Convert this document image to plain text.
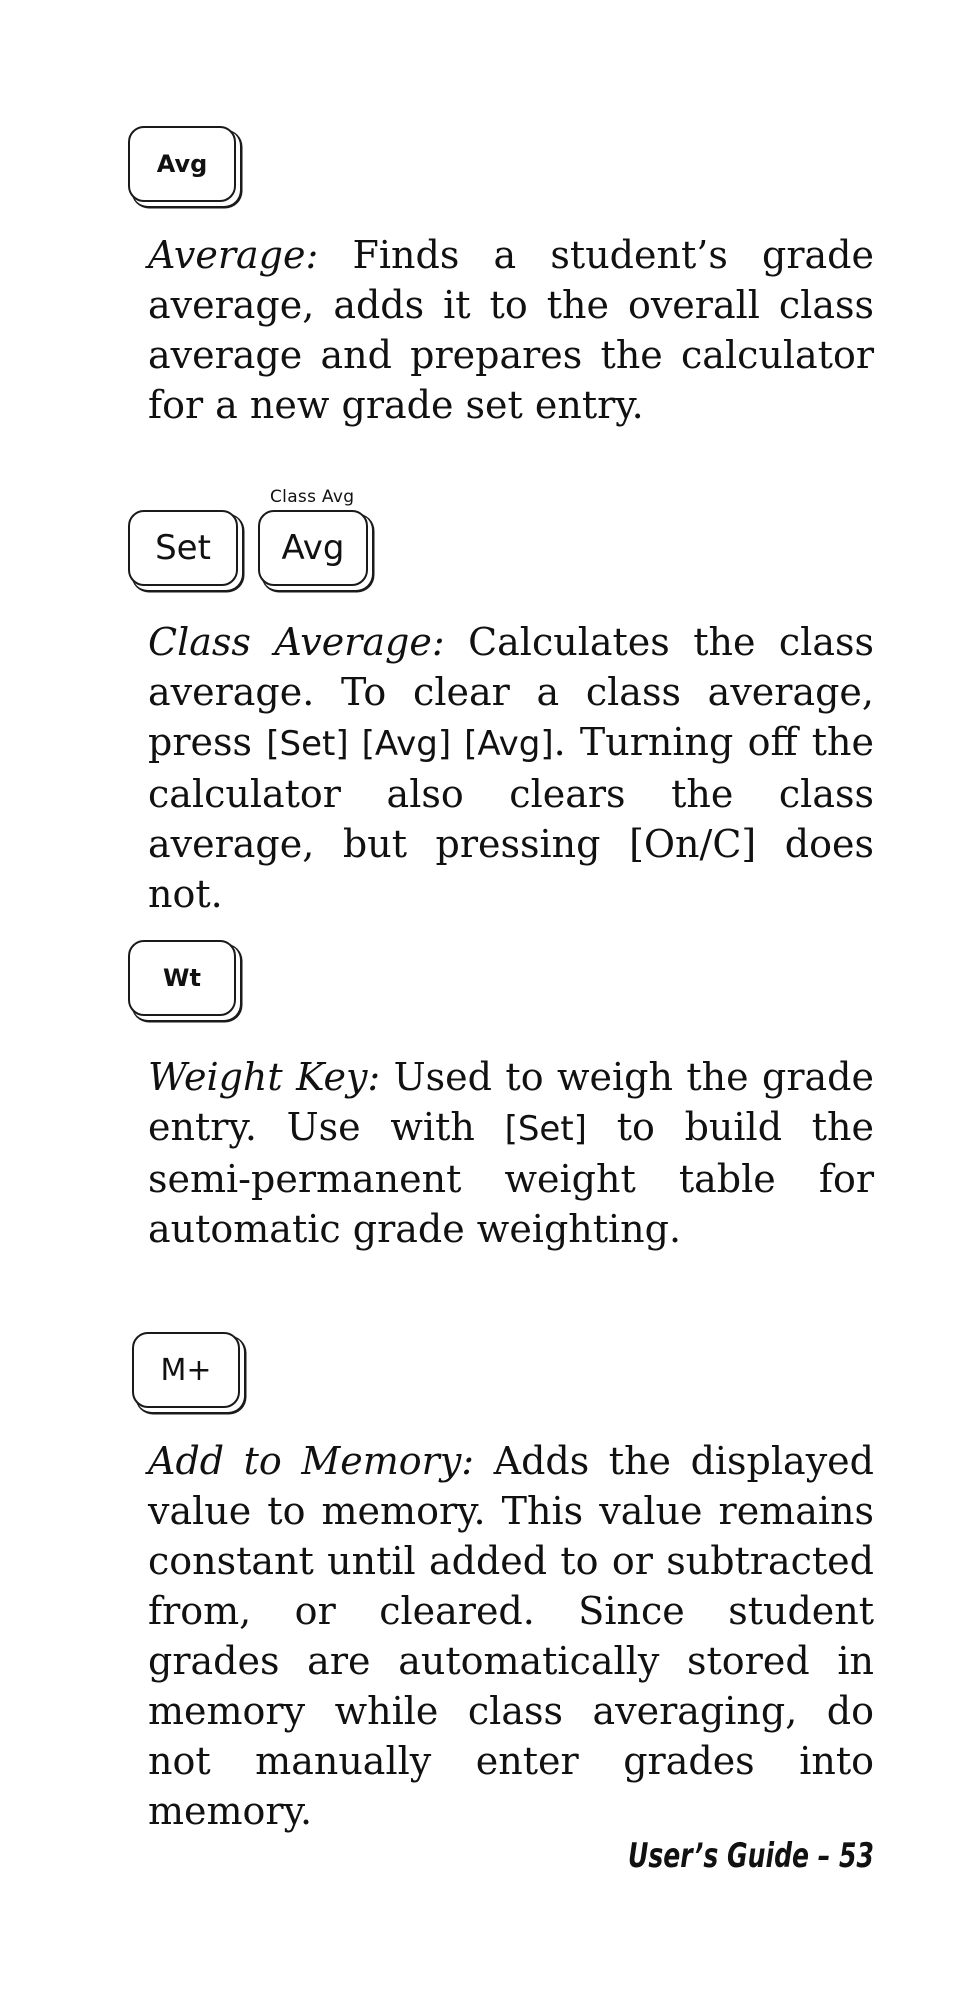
Avg

Average: Finds a student’s grade average, adds it to the overall class average and prepares the calculator for a new grade set entry.

Class Avg
Set Avg

Class Average: Calculates the class average. To clear a class average, press [Set] [Avg] [Avg]. Turning off the calculator also clears the class average, but pressing [On/C] does not.

Wt

Weight Key: Used to weigh the grade entry. Use with [Set] to build the semi-permanent weight table for automatic grade weighting.

M+

Add to Memory: Adds the displayed value to memory. This value remains constant until added to or subtracted from, or cleared. Since student grades are automatically stored in memory while class averaging, do not manually enter grades into memory.

User’s Guide – 53
